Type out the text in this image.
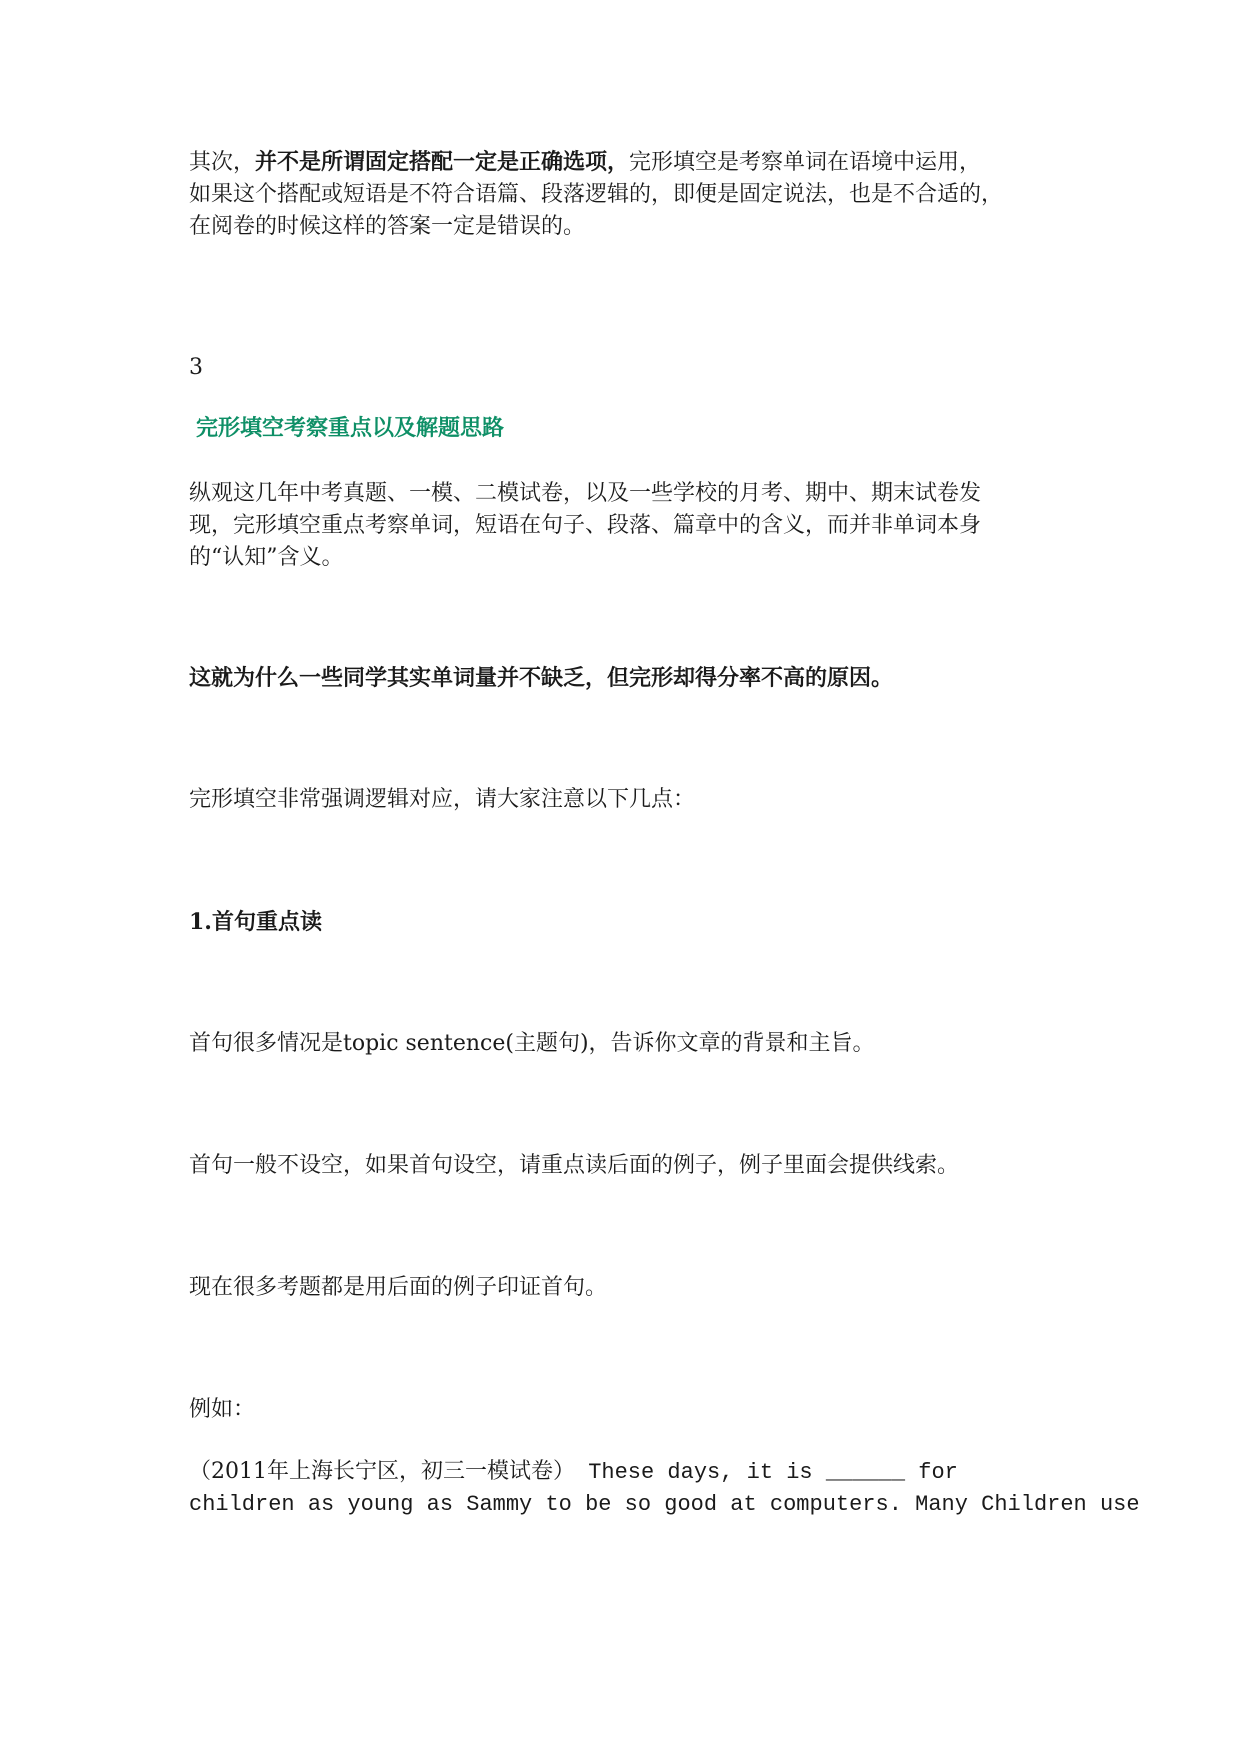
其次，并不是所谓固定搭配一定是正确选项，完形填空是考察单词在语境中运用，
如果这个搭配或短语是不符合语篇、段落逻辑的，即便是固定说法，也是不合适的，
在阅卷的时候这样的答案一定是错误的。

3

完形填空考察重点以及解题思路

纵观这几年中考真题、一模、二模试卷，以及一些学校的月考、期中、期末试卷发
现，完形填空重点考察单词，短语在句子、段落、篇章中的含义，而并非单词本身
的“认知”含义。

这就为什么一些同学其实单词量并不缺乏，但完形却得分率不高的原因。

完形填空非常强调逻辑对应，请大家注意以下几点：

1.首句重点读

首句很多情况是topic sentence(主题句)，告诉你文章的背景和主旨。

首句一般不设空，如果首句设空，请重点读后面的例子，例子里面会提供线索。

现在很多考题都是用后面的例子印证首句。

例如：

（2011年上海长宁区，初三一模试卷） These days, it is ______ for
children as young as Sammy to be so good at computers. Many Children use
